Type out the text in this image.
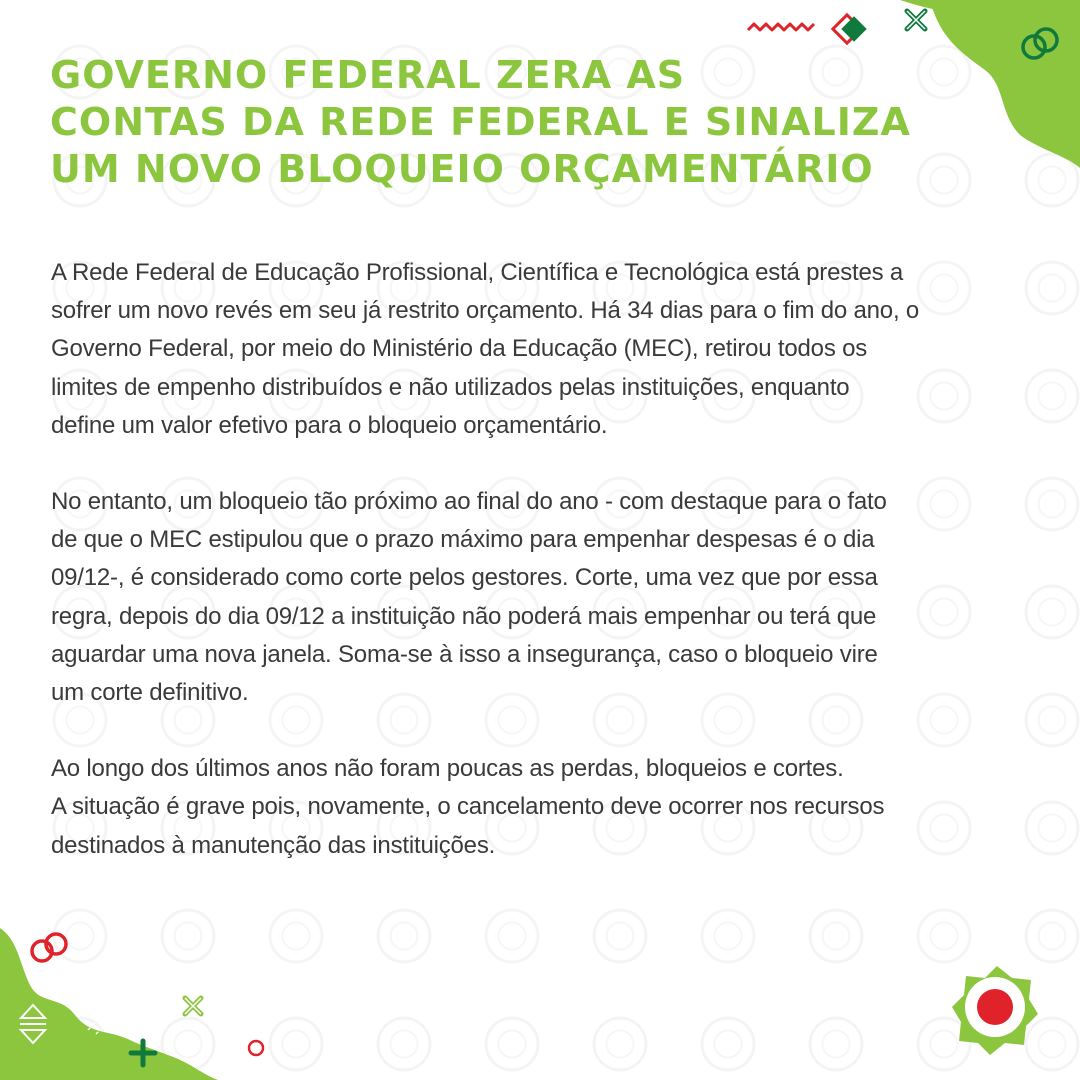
GOVERNO FEDERAL ZERA AS
CONTAS DA REDE FEDERAL E SINALIZA
UM NOVO BLOQUEIO ORÇAMENTÁRIO

A Rede Federal de Educação Profissional, Científica e Tecnológica está prestes a
sofrer um novo revés em seu já restrito orçamento. Há 34 dias para o fim do ano, o
Governo Federal, por meio do Ministério da Educação (MEC), retirou todos os
limites de empenho distribuídos e não utilizados pelas instituições, enquanto
define um valor efetivo para o bloqueio orçamentário.

No entanto, um bloqueio tão próximo ao final do ano - com destaque para o fato
de que o MEC estipulou que o prazo máximo para empenhar despesas é o dia
09/12-, é considerado como corte pelos gestores. Corte, uma vez que por essa
regra, depois do dia 09/12 a instituição não poderá mais empenhar ou terá que
aguardar uma nova janela. Soma-se à isso a insegurança, caso o bloqueio vire
um corte definitivo.

Ao longo dos últimos anos não foram poucas as perdas, bloqueios e cortes.
A situação é grave pois, novamente, o cancelamento deve ocorrer nos recursos
destinados à manutenção das instituições.
